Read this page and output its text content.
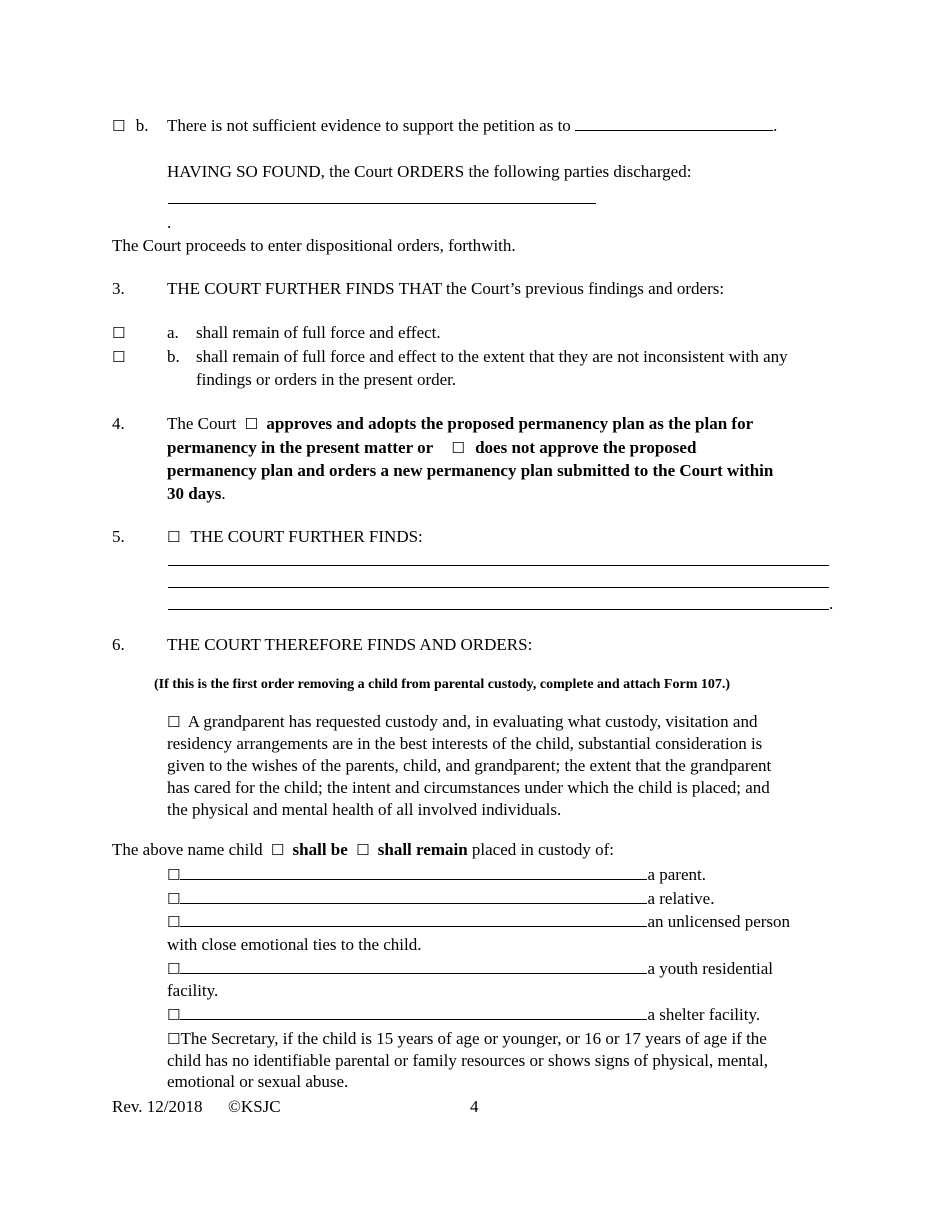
☐ b. There is not sufficient evidence to support the petition as to	.
HAVING SO FOUND, the Court ORDERS the following parties discharged:
.
The Court proceeds to enter dispositional orders, forthwith.
3. THE COURT FURTHER FINDS THAT the Court’s previous findings and orders:
☐ a. shall remain of full force and effect.
☐ b. shall remain of full force and effect to the extent that they are not inconsistent with any
findings or orders in the present order.
4. The Court ☐ approves and adopts the proposed permanency plan as the plan for
permanency in the present matter or ☐ does not approve the proposed
permanency plan and orders a new permanency plan submitted to the Court within
30 days.
5.	☐ THE COURT FURTHER FINDS:
.
6. THE COURT THEREFORE FINDS AND ORDERS:
(If this is the first order removing a child from parental custody, complete and attach Form 107.)
☐ A grandparent has requested custody and, in evaluating what custody, visitation and
residency arrangements are in the best interests of the child, substantial consideration is
given to the wishes of the parents, child, and grandparent; the extent that the grandparent
has cared for the child; the intent and circumstances under which the child is placed; and
the physical and mental health of all involved individuals.
The above name child ☐ shall be ☐ shall remain placed in custody of:
☐	a parent.
☐	a relative.
☐	an unlicensed person
with close emotional ties to the child.
☐	a youth residential
facility.
☐	a shelter facility.
☐The Secretary, if the child is 15 years of age or younger, or 16 or 17 years of age if the
child has no identifiable parental or family resources or shows signs of physical, mental,
emotional or sexual abuse.
Rev. 12/2018 ©KSJC	4
